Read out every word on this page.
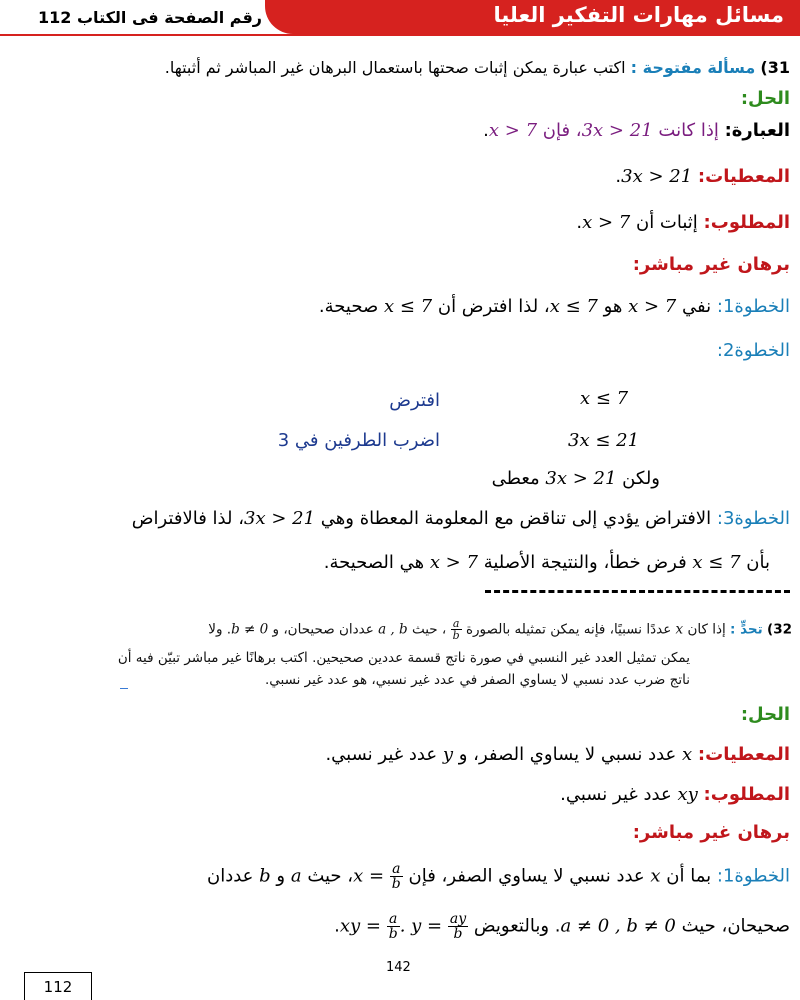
مسائل مهارات التفكير العليا
رقم الصفحة فى الكتاب 112
31) مسألة مفتوحة : اكتب عبارة يمكن إثبات صحتها باستعمال البرهان غير المباشر ثم أثبتها.
الحل:
العبارة: إذا كانت 3x > 21، فإن x > 7.
المعطيات: 3x > 21.
المطلوب: إثبات أن x > 7.
برهان غير مباشر:
الخطوة1: نفي x > 7 هو x ≤ 7، لذا افترض أن x ≤ 7 صحيحة.
الخطوة2:
x ≤ 7
افترض
3x ≤ 21
اضرب الطرفين في 3
ولكن 3x > 21 معطى
الخطوة3: الافتراض يؤدي إلى تناقض مع المعلومة المعطاة وهي 3x > 21، لذا فالافتراض
بأن x ≤ 7 فرض خطأ، والنتيجة الأصلية x > 7 هي الصحيحة.
32) تحدٍّ : إذا كان x عددًا نسبيًا، فإنه يمكن تمثيله بالصورة
$\frac{a}{b}$
، حيث a , b عددان صحيحان، و b ≠ 0. ولا
يمكن تمثيل العدد غير النسبي في صورة ناتج قسمة عددين صحيحين. اكتب برهانًا غير مباشر تبيّن فيه أن
ناتج ضرب عدد نسبي لا يساوي الصفر في عدد غير نسبي، هو عدد غير نسبي.
الحل:
المعطيات: x عدد نسبي لا يساوي الصفر، و y عدد غير نسبي.
المطلوب: xy عدد غير نسبي.
برهان غير مباشر:
الخطوة1: بما أن x عدد نسبي لا يساوي الصفر، فإن $x = \frac{a}{b}$
، حيث a و b عددان
صحيحان، حيث a ≠ 0 , b ≠ 0. وبالتعويض xy = $\frac{a}{b}$ . $y = \frac{ay}{b}$
.
142
112
